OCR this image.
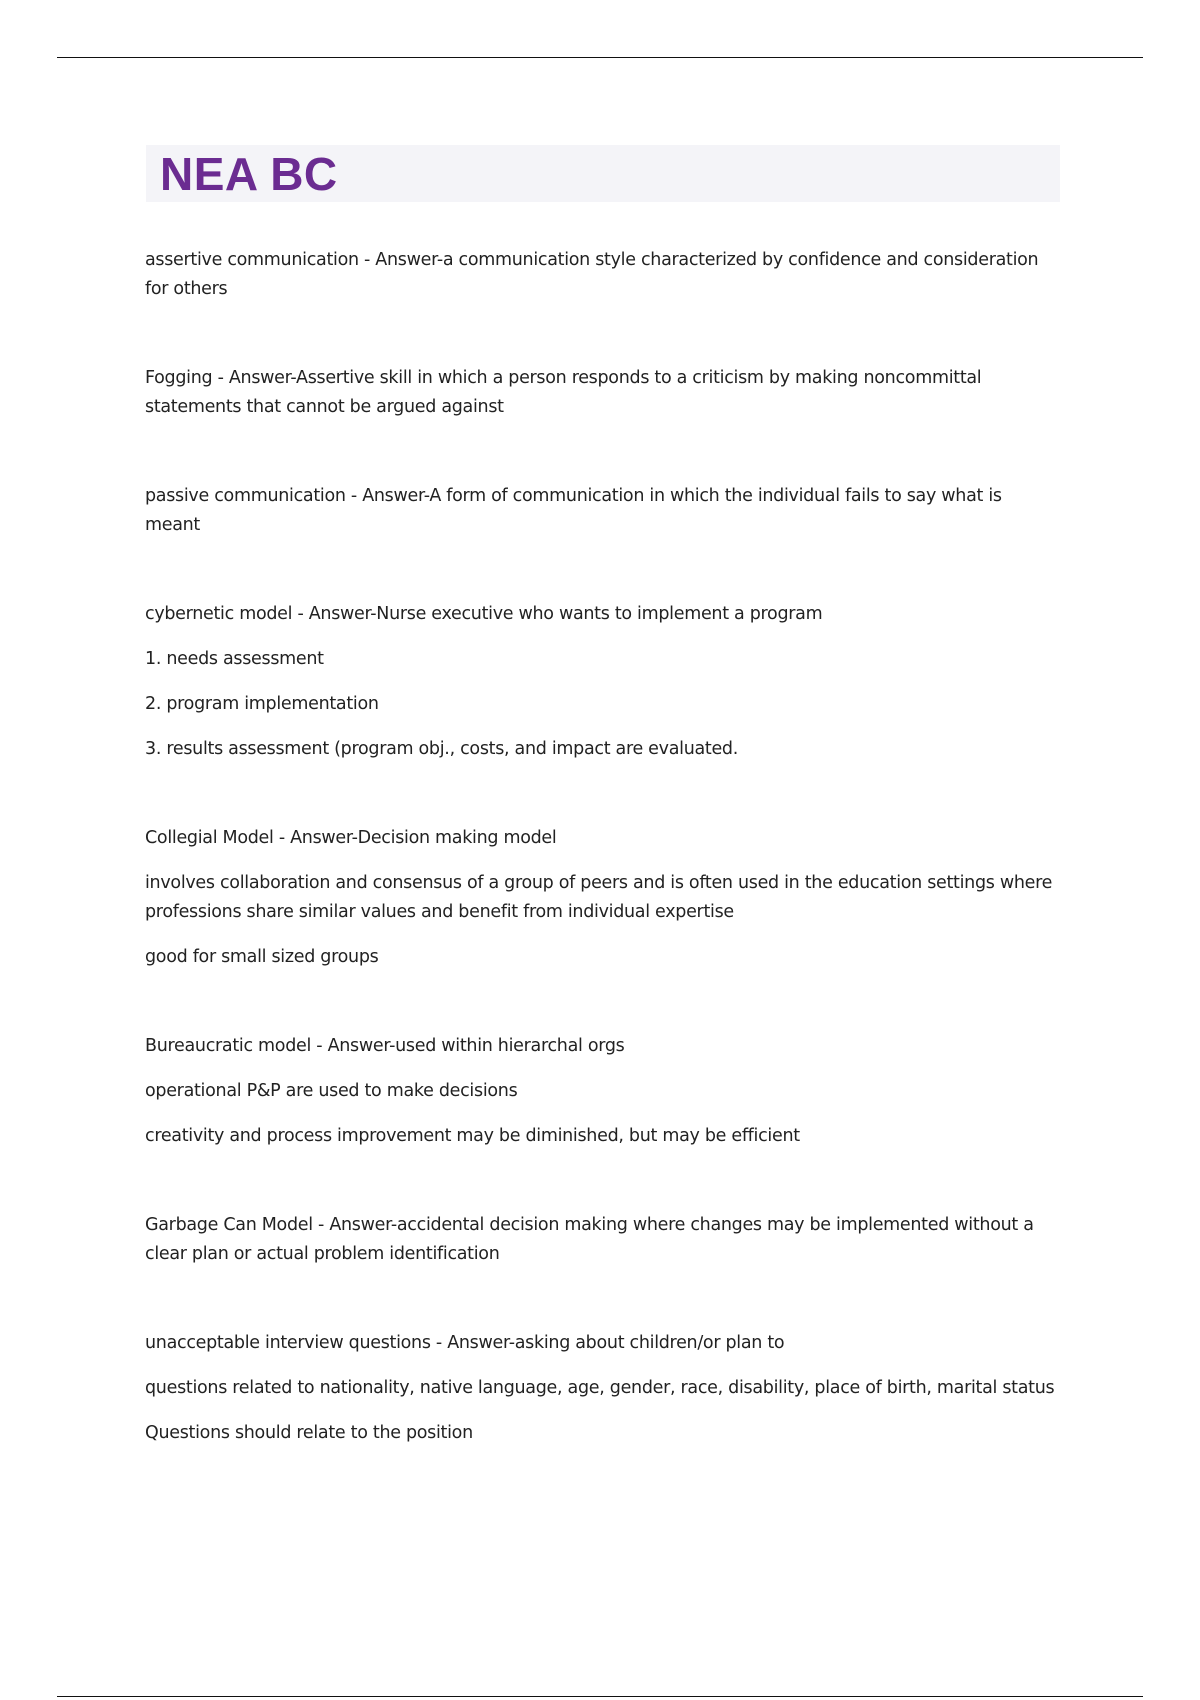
NEA BC

assertive communication - Answer-a communication style characterized by confidence and consideration for others

Fogging - Answer-Assertive skill in which a person responds to a criticism by making noncommittal statements that cannot be argued against

passive communication - Answer-A form of communication in which the individual fails to say what is meant

cybernetic model - Answer-Nurse executive who wants to implement a program

1. needs assessment

2. program implementation

3. results assessment (program obj., costs, and impact are evaluated.

Collegial Model - Answer-Decision making model

involves collaboration and consensus of a group of peers and is often used in the education settings where professions share similar values and benefit from individual expertise

good for small sized groups

Bureaucratic model - Answer-used within hierarchal orgs

operational P&P are used to make decisions

creativity and process improvement may be diminished, but may be efficient

Garbage Can Model - Answer-accidental decision making where changes may be implemented without a clear plan or actual problem identification

unacceptable interview questions - Answer-asking about children/or plan to

questions related to nationality, native language, age, gender, race, disability, place of birth, marital status

Questions should relate to the position
